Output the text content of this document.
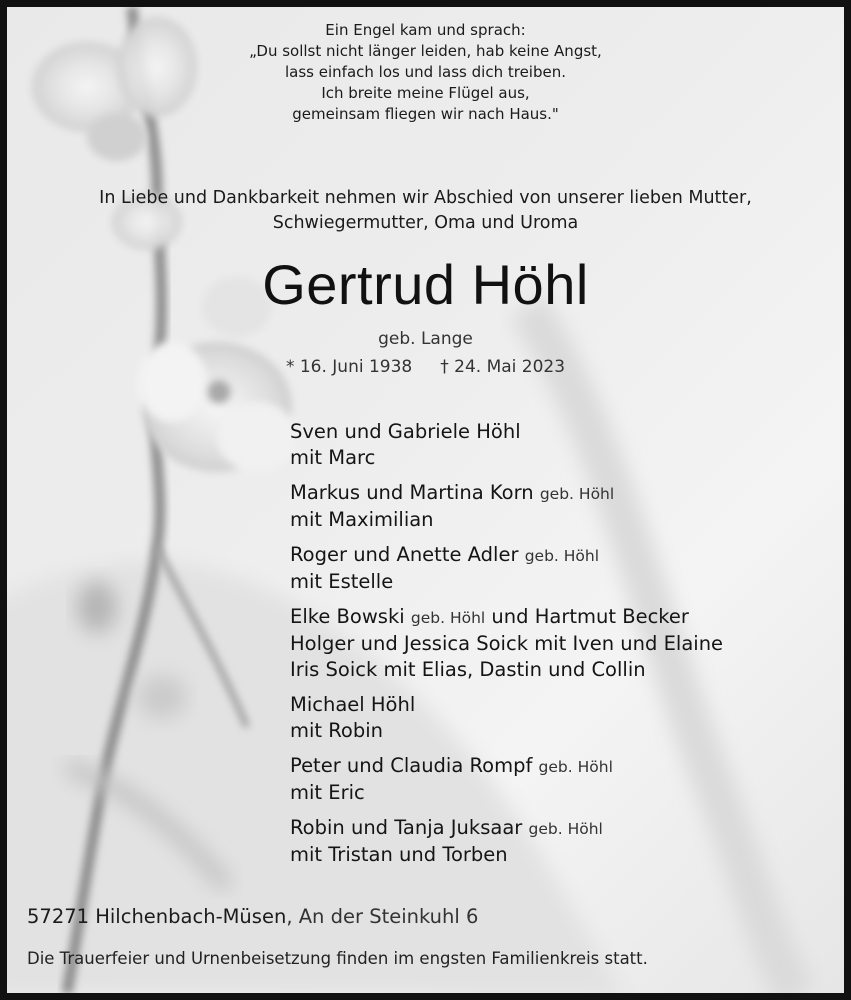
Ein Engel kam und sprach:
„Du sollst nicht länger leiden, hab keine Angst,
lass einfach los und lass dich treiben.
Ich breite meine Flügel aus,
gemeinsam fliegen wir nach Haus."
In Liebe und Dankbarkeit nehmen wir Abschied von unserer lieben Mutter,
Schwiegermutter, Oma und Uroma
Gertrud Höhl
geb. Lange
* 16. Juni 1938 † 24. Mai 2023
Sven und Gabriele Höhl
mit Marc
Markus und Martina Korn geb. Höhl
mit Maximilian
Roger und Anette Adler geb. Höhl
mit Estelle
Elke Bowski geb. Höhl und Hartmut Becker
Holger und Jessica Soick mit Iven und Elaine
Iris Soick mit Elias, Dastin und Collin
Michael Höhl
mit Robin
Peter und Claudia Rompf geb. Höhl
mit Eric
Robin und Tanja Juksaar geb. Höhl
mit Tristan und Torben
57271 Hilchenbach-Müsen, An der Steinkuhl 6
Die Trauerfeier und Urnenbeisetzung finden im engsten Familienkreis statt.
